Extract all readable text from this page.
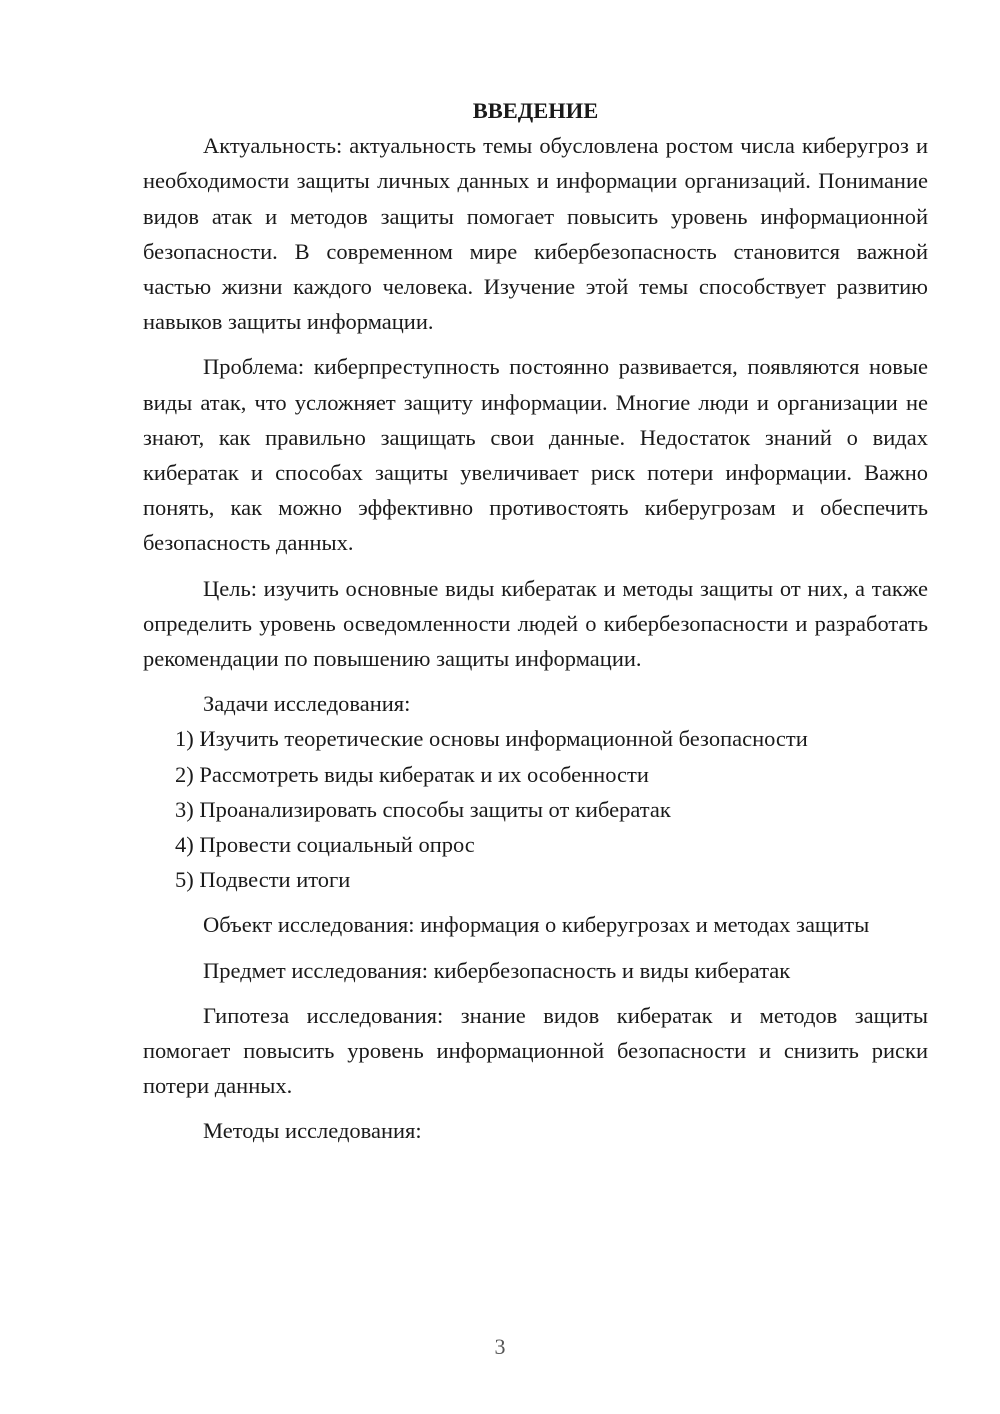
ВВЕДЕНИЕ

Актуальность: актуальность темы обусловлена ростом числа киберугроз и необходимости защиты личных данных и информации организаций. Понимание видов атак и методов защиты помогает повысить уровень информационной безопасности. В современном мире кибербезопасность становится важной частью жизни каждого человека. Изучение этой темы способствует развитию навыков защиты информации.

Проблема: киберпреступность постоянно развивается, появляются новые виды атак, что усложняет защиту информации. Многие люди и организации не знают, как правильно защищать свои данные. Недостаток знаний о видах кибератак и способах защиты увеличивает риск потери информации. Важно понять, как можно эффективно противостоять киберугрозам и обеспечить безопасность данных.

Цель: изучить основные виды кибератак и методы защиты от них, а также определить уровень осведомленности людей о кибербезопасности и разработать рекомендации по повышению защиты информации.

Задачи исследования:

1) Изучить теоретические основы информационной безопасности

2) Рассмотреть виды кибератак и их особенности

3) Проанализировать способы защиты от кибератак

4) Провести социальный опрос

5) Подвести итоги

Объект исследования: информация о киберугрозах и методах защиты

Предмет исследования: кибербезопасность и виды кибератак

Гипотеза исследования: знание видов кибератак и методов защиты помогает повысить уровень информационной безопасности и снизить риски потери данных.

Методы исследования:

3
